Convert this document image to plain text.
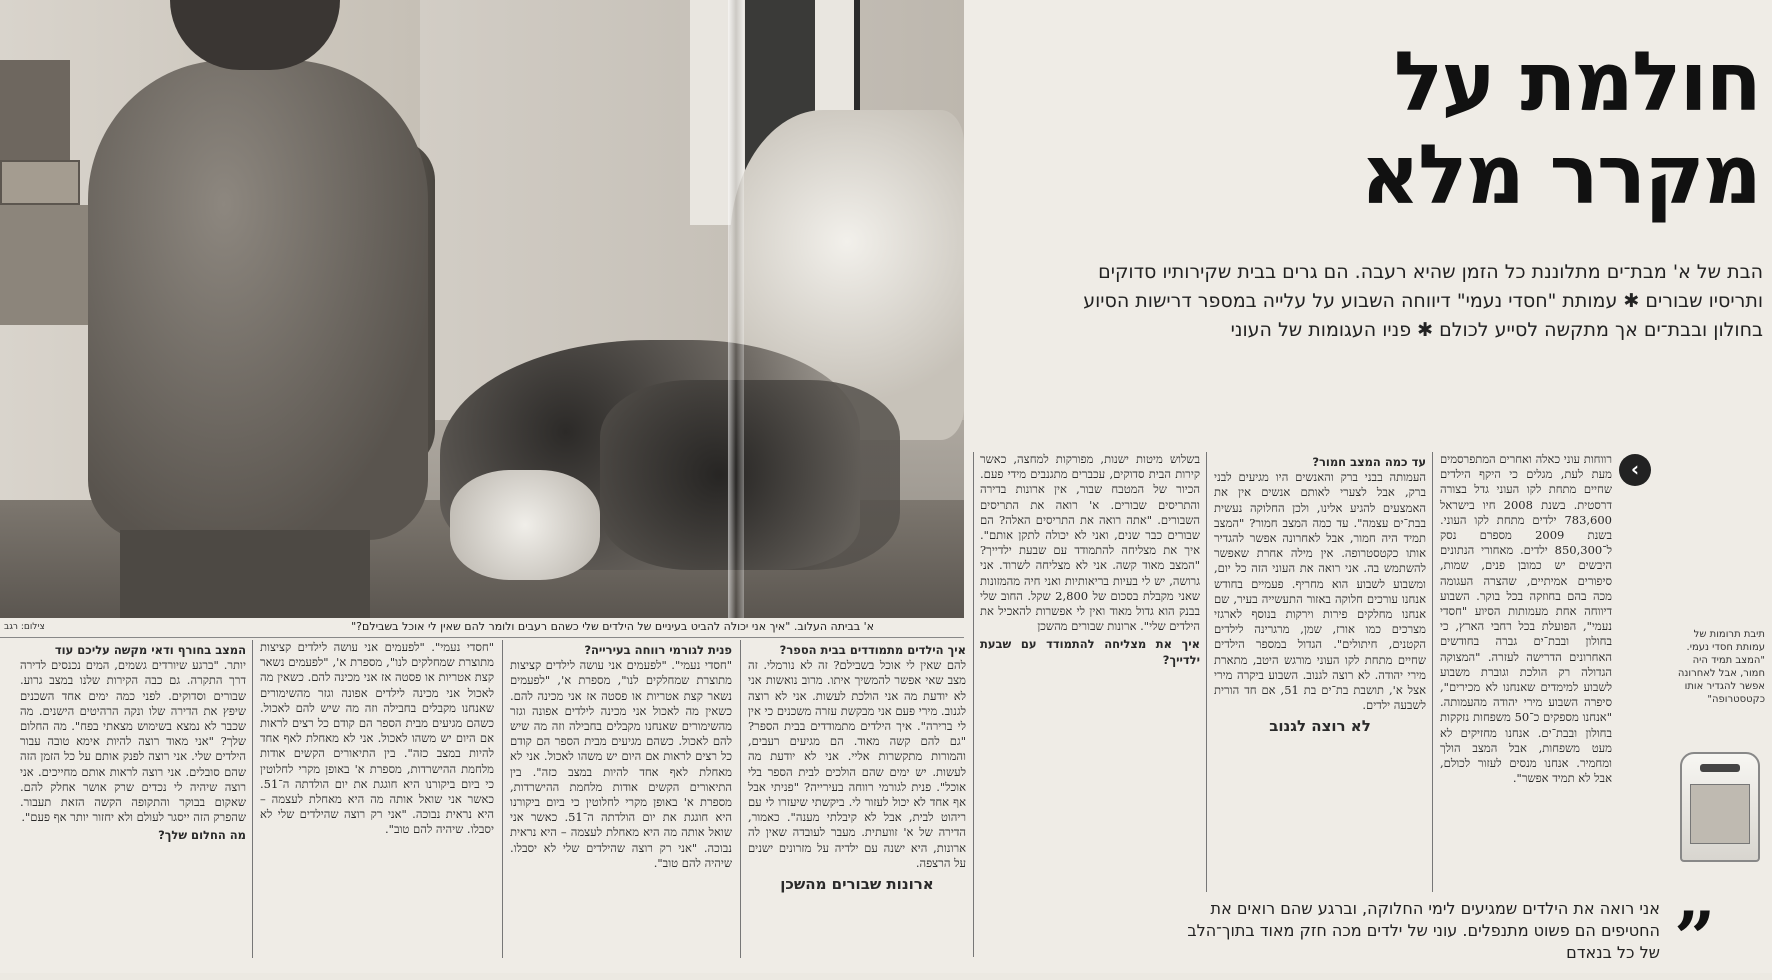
א' בביתה העלוב. "איך אני יכולה להביט בעיניים של הילדים שלי כשהם רעבים ולומר להם שאין לי אוכל בשבילם?"
צילום: רגב
חולמת על
מקרר מלא
הבת של א' מבת־ים מתלוננת כל הזמן שהיא רעבה. הם גרים בבית שקירותיו סדוקים ותריסיו שבורים ✱ עמותת "חסדי נעמי" דיווחה השבוע על עלייה במספר דרישות הסיוע בחולון ובבת־ים אך מתקשה לסייע לכולם ✱ פניו העגומות של העוני
‹
רווחות עוני כאלה ואחרים המתפרסמים מעת לעת, מגלים כי היקף הילדים שחיים מתחת לקו העוני גדל בצורה דרסטית. בשנת 2008 חיו בישראל 783,600 ילדים מתחת לקו העוני. בשנת 2009 מספרם נסק ל־850,300 ילדים. מאחורי הנתונים היבשים יש כמובן פנים, שמות, סיפורים אמיתיים, שהצרה העגומה מכה בהם בחוזקה בכל בוקר. השבוע דיווחה אחת מעמותות הסיוע "חסדי נעמי", הפועלת בכל רחבי הארץ, כי בחולון ובבת־ים גברה בחודשים האחרונים הדרישה לעזרה. "המצוקה הגדולה רק הולכת וגוברת משבוע לשבוע למימדים שאנחנו לא מכירים", סיפרה השבוע מירי יהודה מהעמותה. "אנחנו מספקים כ־50 משפחות נזקקות בחולון ובבת־ים. אנחנו מחזיקים לא מעט משפחות, אבל המצב הולך ומחמיר. אנחנו מנסים לעזור לכולם, אבל לא תמיד אפשר".
עד כמה המצב חמור?
העמותה בבני ברק והאנשים היו מגיעים לבני ברק, אבל לצערי לאותם אנשים אין את האמצעים להגיע אלינו, ולכן החלוקה נעשית בבת־ים עצמה". עד כמה המצב חמור? "המצב תמיד היה חמור, אבל לאחרונה אפשר להגדיר אותו כקטסטרופה. אין מילה אחרת שאפשר להשתמש בה. אני רואה את העוני הזה כל יום, ומשבוע לשבוע הוא מחריף. פעמיים בחודש אנחנו עורכים חלוקה באזור התעשייה בעיר, שם אנחנו מחלקים פירות וירקות בנוסף לארגזי מצרכים כמו אורז, שמן, מרגרינה לילדים הקטנים, חיתולים". הגדול במספר הילדים שחיים מתחת לקו העוני מורגש היטב, מתארת מירי יהודה. לא רוצה לגנוב. השבוע ביקרה מירי אצל א', תושבת בת־ים בת 51, אם חד הורית לשבעה ילדים.
לא רוצה לגנוב
בשלוש מיטות ישנות, מפורקות למחצה, כאשר קירות הבית סדוקים, עכברים מתגנבים מידי פעם. הכיור של המטבח שבור, אין ארונות בדירה והתריסים שבורים. א' רואה את התריסים השבורים. "אתה רואה את התריסים האלה? הם שבורים כבר שנים, ואני לא יכולה לתקן אותם". איך את מצליחה להתמודד עם שבעת ילדייך? "המצב מאוד קשה. אני לא מצליחה לשרוד. אני גרושה, יש לי בעיות בריאותיות ואני חיה מהמזונות שאני מקבלת בסכום של 2,800 שקל. החוב שלי בבנק הוא גדול מאוד ואין לי אפשרות להאכיל את הילדים שלי". ארונות שבורים מהשכן
איך את מצליחה להתמודד עם שבעת ילדייך?
איך הילדים מתמודדים בבית הספר?
להם שאין לי אוכל בשבילם? זה לא נורמלי. זה מצב שאי אפשר להמשיך איתו. מרוב נואשות אני לא יודעת מה אני הולכת לעשות. אני לא רוצה לגנוב. מירי פעם אני מבקשת עזרה משכנים כי אין לי ברירה". איך הילדים מתמודדים בבית הספר? "גם להם קשה מאוד. הם מגיעים רעבים, והמורות מתקשרות אליי. אני לא יודעת מה לעשות. יש ימים שהם הולכים לבית הספר בלי אוכל". פנית לגורמי רווחה בעירייה? "פניתי אבל אף אחד לא יכול לעזור לי. ביקשתי שיעזרו לי עם ריהוט לבית, אבל לא קיבלתי מענה". כאמור, הדירה של א' זוועתית. מעבר לעובדה שאין לה ארונות, היא ישנה עם ילדיה על מזרונים ישנים על הרצפה.
ארונות שבורים מהשכן
פנית לגורמי רווחה בעירייה?
"חסדי נעמי". "לפעמים אני עושה לילדים קציצות מתוצרת שמחלקים לנו", מספרת א', "לפעמים נשאר קצת אטריות או פסטה אז אני מכינה להם. כשאין מה לאכול אני מכינה לילדים אפונה וגזר מהשימורים שאנחנו מקבלים בחבילה וזה מה שיש להם לאכול. כשהם מגיעים מבית הספר הם קודם כל רצים לראות אם היום יש משהו לאכול. אני לא מאחלת לאף אחד להיות במצב כזה". בין התיאורים הקשים אודות מלחמת ההישרדות, מספרת א' באופן מקרי לחלוטין כי ביום ביקורנו היא חוגגת את יום הולדתה ה־51. כאשר אני שואל אותה מה היא מאחלת לעצמה – היא נראית נבוכה. "אני רק רוצה שהילדים שלי לא יסבלו. שיהיה להם טוב".
"חסדי נעמי". "לפעמים אני עושה לילדים קציצות מתוצרת שמחלקים לנו", מספרת א', "לפעמים נשאר קצת אטריות או פסטה אז אני מכינה להם. כשאין מה לאכול אני מכינה לילדים אפונה וגזר מהשימורים שאנחנו מקבלים בחבילה וזה מה שיש להם לאכול. כשהם מגיעים מבית הספר הם קודם כל רצים לראות אם היום יש משהו לאכול. אני לא מאחלת לאף אחד להיות במצב כזה". בין התיאורים הקשים אודות מלחמת ההישרדות, מספרת א' באופן מקרי לחלוטין כי ביום ביקורנו היא חוגגת את יום הולדתה ה־51. כאשר אני שואל אותה מה היא מאחלת לעצמה – היא נראית נבוכה. "אני רק רוצה שהילדים שלי לא יסבלו. שיהיה להם טוב".
המצב בחורף ודאי מקשה עליכם עוד
יותר. "ברגע שיורדים גשמים, המים נכנסים לדירה דרך התקרה. גם כבה הקירות שלנו במצב גרוע. שבורים וסדוקים. לפני כמה ימים אחד השכנים שיפץ את הדירה שלו ונקה הרהיטים הישנים. מה שכבר לא נמצא בשימוש מצאתי בפח". מה החלום שלך? "אני מאוד רוצה להיות אימא טובה עבור הילדים שלי. אני רוצה לפנק אותם על כל הזמן הזה שהם סובלים. אני רוצה לראות אותם מחייכים. אני רוצה שיהיה לי נכדים שרק אושר אחלק להם. שאקום בבוקר והתקופה הקשה הזאת תעבור. שהפרק הזה ייסגר לעולם ולא יחזור יותר אף פעם".
מה החלום שלך?
תיבת תרומות של עמותת חסדי נעמי. "המצב תמיד היה חמור, אבל לאחרונה אפשר להגדיר אותו כקטסטרופה"
”
אני רואה את הילדים שמגיעים לימי החלוקה, וברגע שהם רואים את החטיפים הם פשוט מתנפלים. עוני של ילדים מכה חזק מאוד בתוך־הלב של כל בנאדם
